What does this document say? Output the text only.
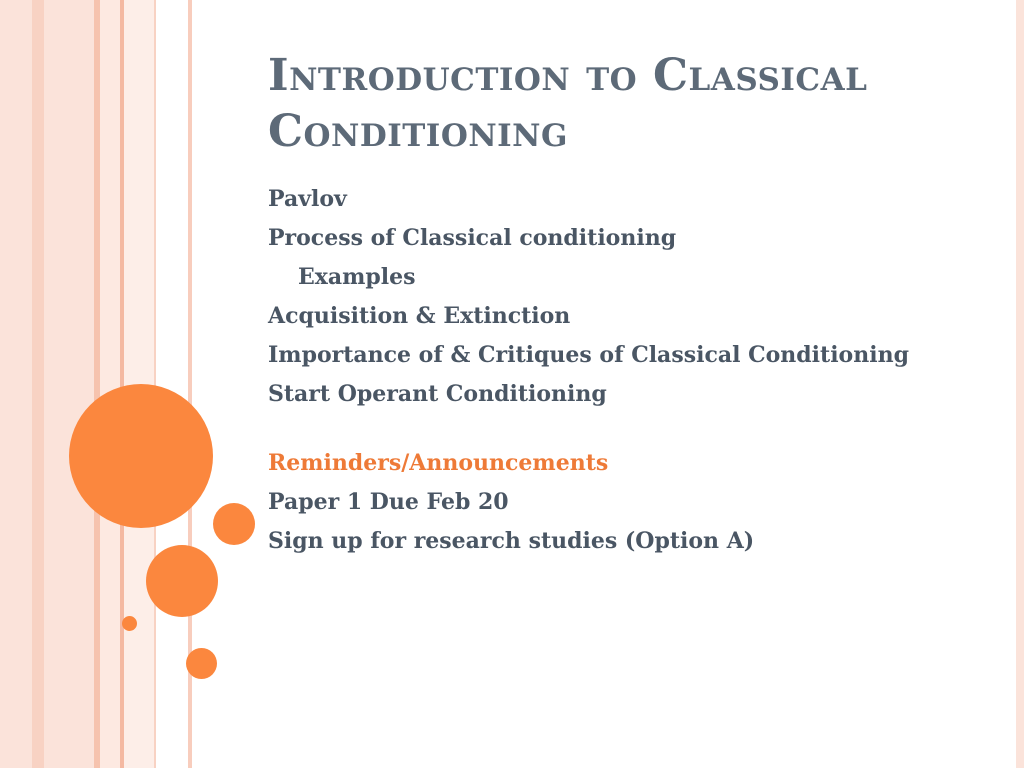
Introduction to Classical Conditioning
Pavlov
Process of Classical conditioning
Examples
Acquisition & Extinction
Importance of & Critiques of Classical Conditioning
Start Operant Conditioning
Reminders/Announcements
Paper 1 Due Feb 20
Sign up for research studies (Option A)
